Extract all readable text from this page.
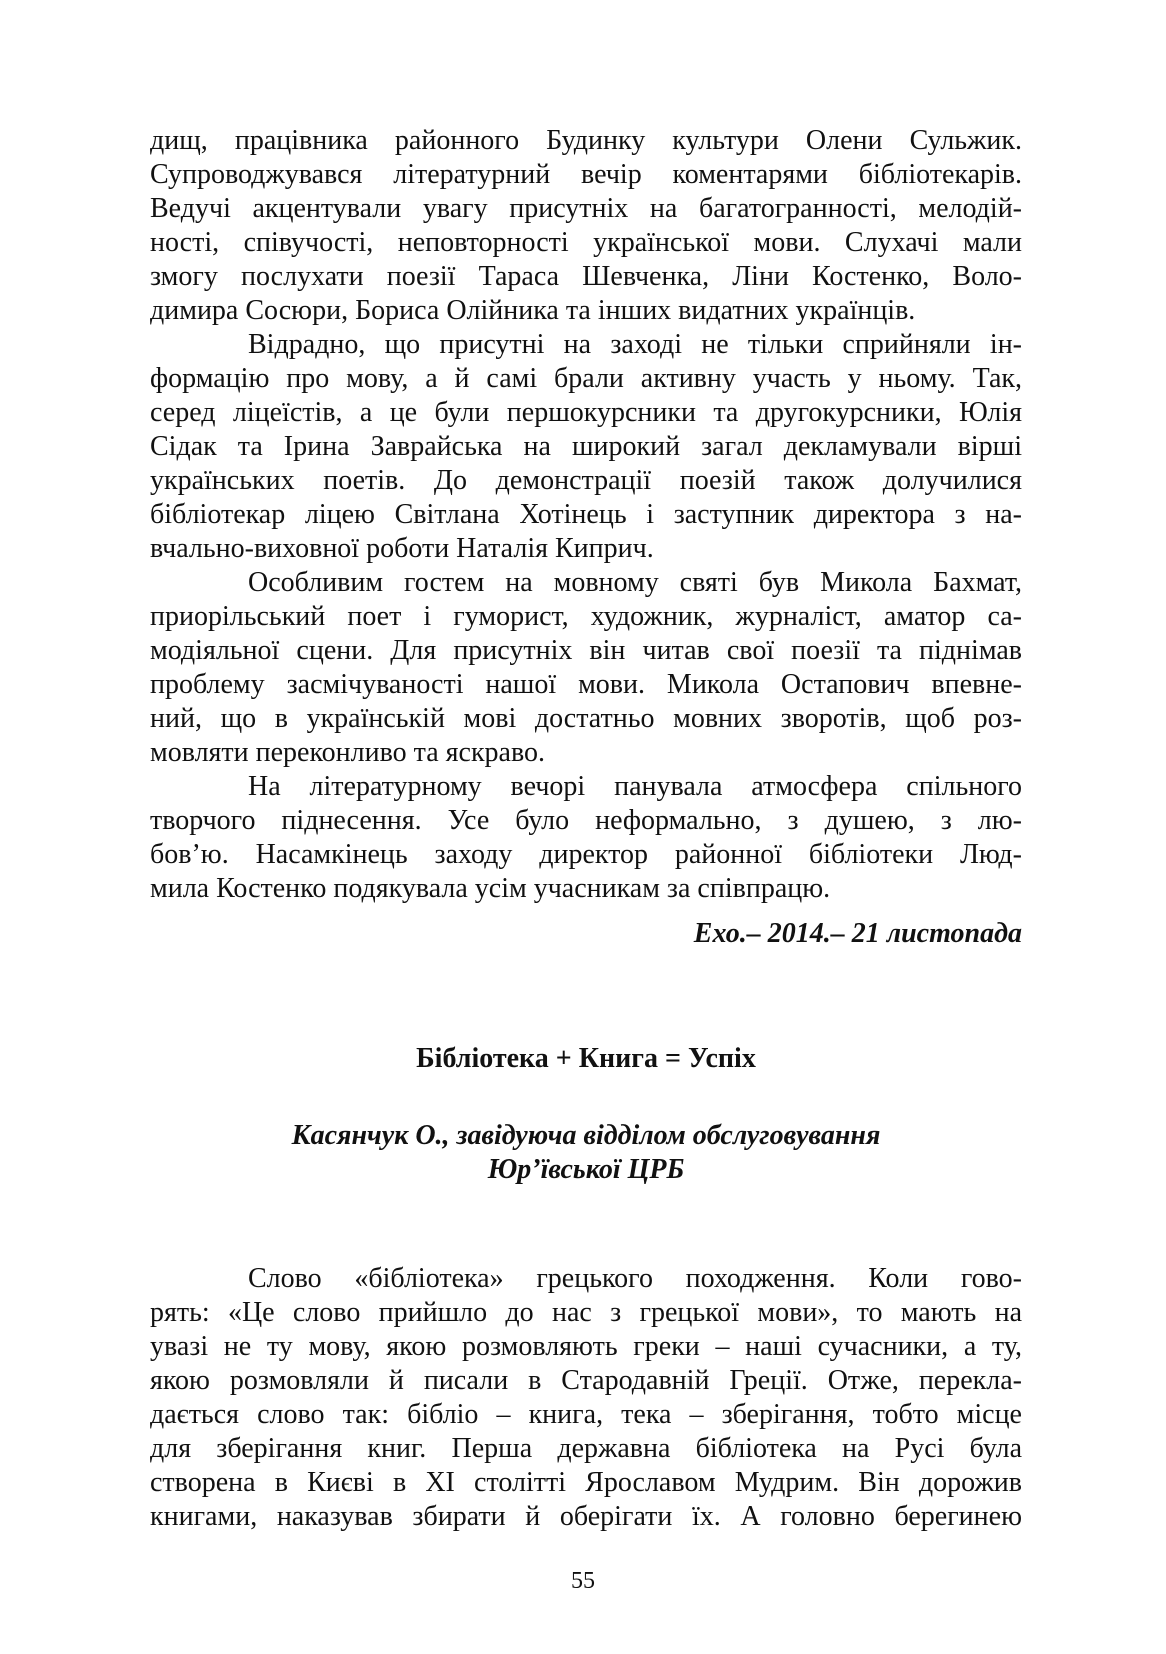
дищ, працівника районного Будинку культури Олени Сульжик.
Супроводжувався літературний вечір коментарями бібліотекарів.
Ведучі акцентували увагу присутніх на багатогранності, мелодій-
ності, співучості, неповторності української мови. Слухачі мали
змогу послухати поезії Тараса Шевченка, Ліни Костенко, Воло-
димира Сосюри, Бориса Олійника та інших видатних українців.
Відрадно, що присутні на заході не тільки сприйняли ін-
формацію про мову, а й самі брали активну участь у ньому. Так,
серед ліцеїстів, а це були першокурсники та другокурсники, Юлія
Сідак та Ірина Заврайська на широкий загал декламували вірші
українських поетів. До демонстрації поезій також долучилися
бібліотекар ліцею Світлана Хотінець і заступник директора з на-
вчально-виховної роботи Наталія Киприч.
Особливим гостем на мовному святі був Микола Бахмат,
приорільський поет і гуморист, художник, журналіст, аматор са-
модіяльної сцени. Для присутніх він читав свої поезії та піднімав
проблему засмічуваності нашої мови. Микола Остапович впевне-
ний, що в українській мові достатньо мовних зворотів, щоб роз-
мовляти переконливо та яскраво.
На літературному вечорі панувала атмосфера спільного
творчого піднесення. Усе було неформально, з душею, з лю-
бов’ю. Насамкінець заходу директор районної бібліотеки Люд-
мила Костенко подякувала усім учасникам за співпрацю.
Ехо.– 2014.– 21 листопада
Бібліотека + Книга = Успіх
Касянчук О., завідуюча відділом обслуговування
Юр’ївської ЦРБ
Слово «бібліотека» грецького походження. Коли гово-
рять: «Це слово прийшло до нас з грецької мови», то мають на
увазі не ту мову, якою розмовляють греки – наші сучасники, а ту,
якою розмовляли й писали в Стародавній Греції. Отже, перекла-
дається слово так: бібліо – книга, тека – зберігання, тобто місце
для зберігання книг. Перша державна бібліотека на Русі була
створена в Києві в XI столітті Ярославом Мудрим. Він дорожив
книгами, наказував збирати й оберігати їх. А головно берегинею
55
